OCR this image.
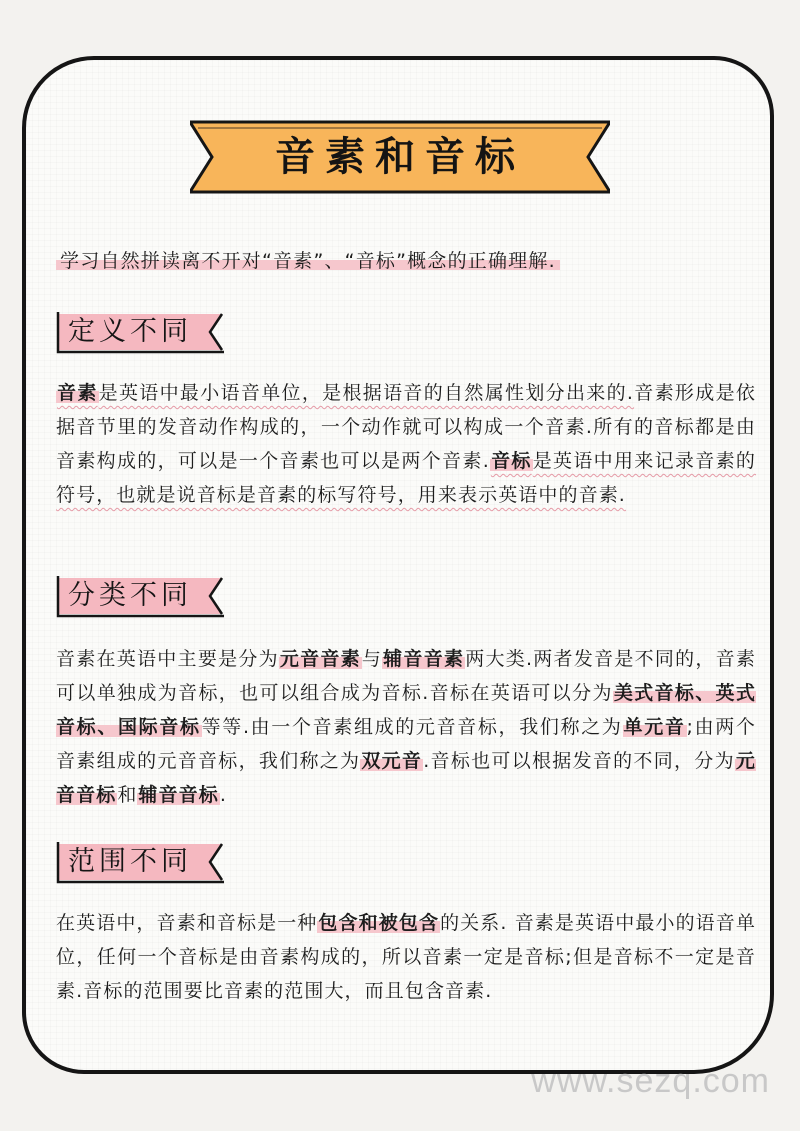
音素和音标
学习自然拼读离不开对“音素”、“音标”概念的正确理解.
定义不同
音素是英语中最小语音单位，是根据语音的自然属性划分出来的.音素形成是依据音节里的发音动作构成的，一个动作就可以构成一个音素.所有的音标都是由音素构成的，可以是一个音素也可以是两个音素.音标是英语中用来记录音素的符号，也就是说音标是音素的标写符号，用来表示英语中的音素.
分类不同
音素在英语中主要是分为元音音素与辅音音素两大类.两者发音是不同的，音素可以单独成为音标，也可以组合成为音标.音标在英语可以分为美式音标、英式音标、国际音标等等.由一个音素组成的元音音标，我们称之为单元音;由两个音素组成的元音音标，我们称之为双元音.音标也可以根据发音的不同，分为元音音标和辅音音标.
范围不同
在英语中，音素和音标是一种包含和被包含的关系. 音素是英语中最小的语音单位，任何一个音标是由音素构成的，所以音素一定是音标;但是音标不一定是音素.音标的范围要比音素的范围大，而且包含音素.
www.sezq.com
